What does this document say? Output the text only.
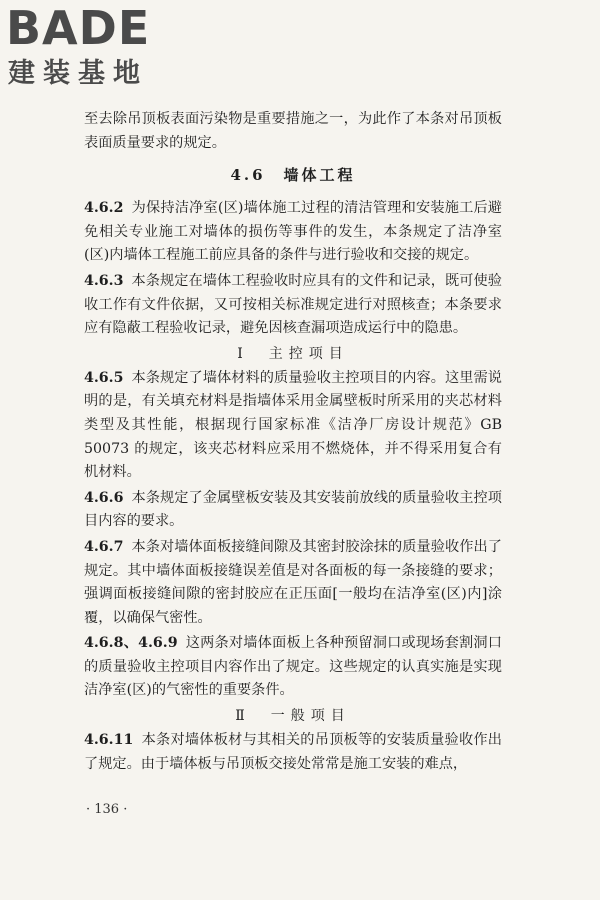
BADE
建装基地

至去除吊顶板表面污染物是重要措施之一，为此作了本条对吊顶板表面质量要求的规定。

4.6　墙体工程

4.6.2 为保持洁净室(区)墙体施工过程的清洁管理和安装施工后避免相关专业施工对墙体的损伤等事件的发生，本条规定了洁净室(区)内墙体工程施工前应具备的条件与进行验收和交接的规定。

4.6.3 本条规定在墙体工程验收时应具有的文件和记录，既可使验收工作有文件依据，又可按相关标准规定进行对照核查；本条要求应有隐蔽工程验收记录，避免因核查漏项造成运行中的隐患。

Ⅰ　主控项目

4.6.5 本条规定了墙体材料的质量验收主控项目的内容。这里需说明的是，有关填充材料是指墙体采用金属壁板时所采用的夹芯材料类型及其性能，根据现行国家标准《洁净厂房设计规范》GB 50073 的规定，该夹芯材料应采用不燃烧体，并不得采用复合有机材料。

4.6.6 本条规定了金属壁板安装及其安装前放线的质量验收主控项目内容的要求。

4.6.7 本条对墙体面板接缝间隙及其密封胶涂抹的质量验收作出了规定。其中墙体面板接缝误差值是对各面板的每一条接缝的要求；强调面板接缝间隙的密封胶应在正压面[一般均在洁净室(区)内]涂覆，以确保气密性。

4.6.8、4.6.9 这两条对墙体面板上各种预留洞口或现场套割洞口的质量验收主控项目内容作出了规定。这些规定的认真实施是实现洁净室(区)的气密性的重要条件。

Ⅱ　一般项目

4.6.11 本条对墙体板材与其相关的吊顶板等的安装质量验收作出了规定。由于墙体板与吊顶板交接处常常是施工安装的难点，

· 136 ·
